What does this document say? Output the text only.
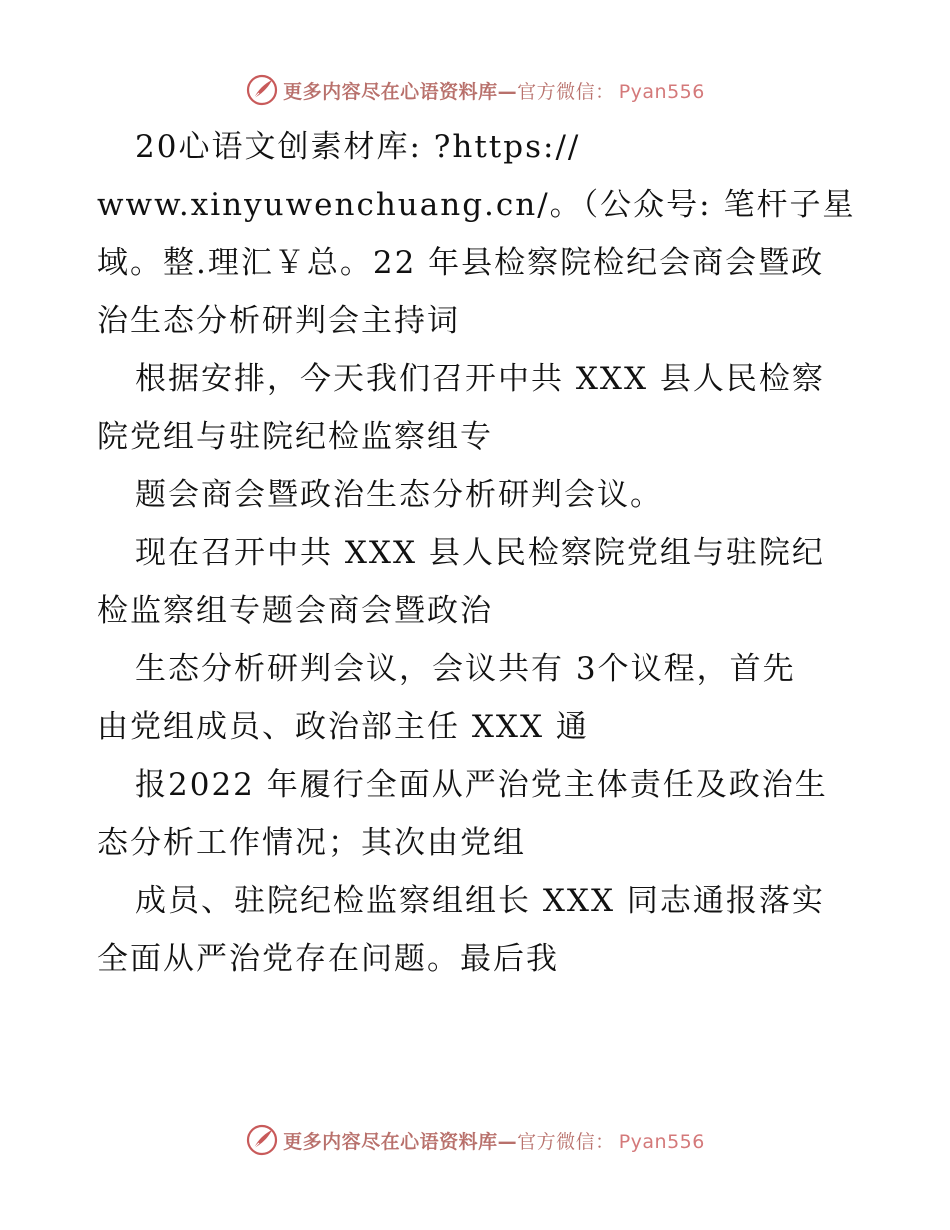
更多内容尽在心语资料库—官方微信： Pyan556
20心语文创素材库: ?https://
www.xinyuwenchuang.cn/。（公众号: 笔杆子星
域。整.理汇￥总。22 年县检察院检纪会商会暨政
治生态分析研判会主持词
根据安排，今天我们召开中共 XXX 县人民检察
院党组与驻院纪检监察组专
题会商会暨政治生态分析研判会议。
现在召开中共 XXX 县人民检察院党组与驻院纪
检监察组专题会商会暨政治
生态分析研判会议，会议共有 3个议程，首先
由党组成员、政治部主任 XXX 通
报2022 年履行全面从严治党主体责任及政治生
态分析工作情况；其次由党组
成员、驻院纪检监察组组长 XXX 同志通报落实
全面从严治党存在问题。最后我
更多内容尽在心语资料库—官方微信： Pyan556
